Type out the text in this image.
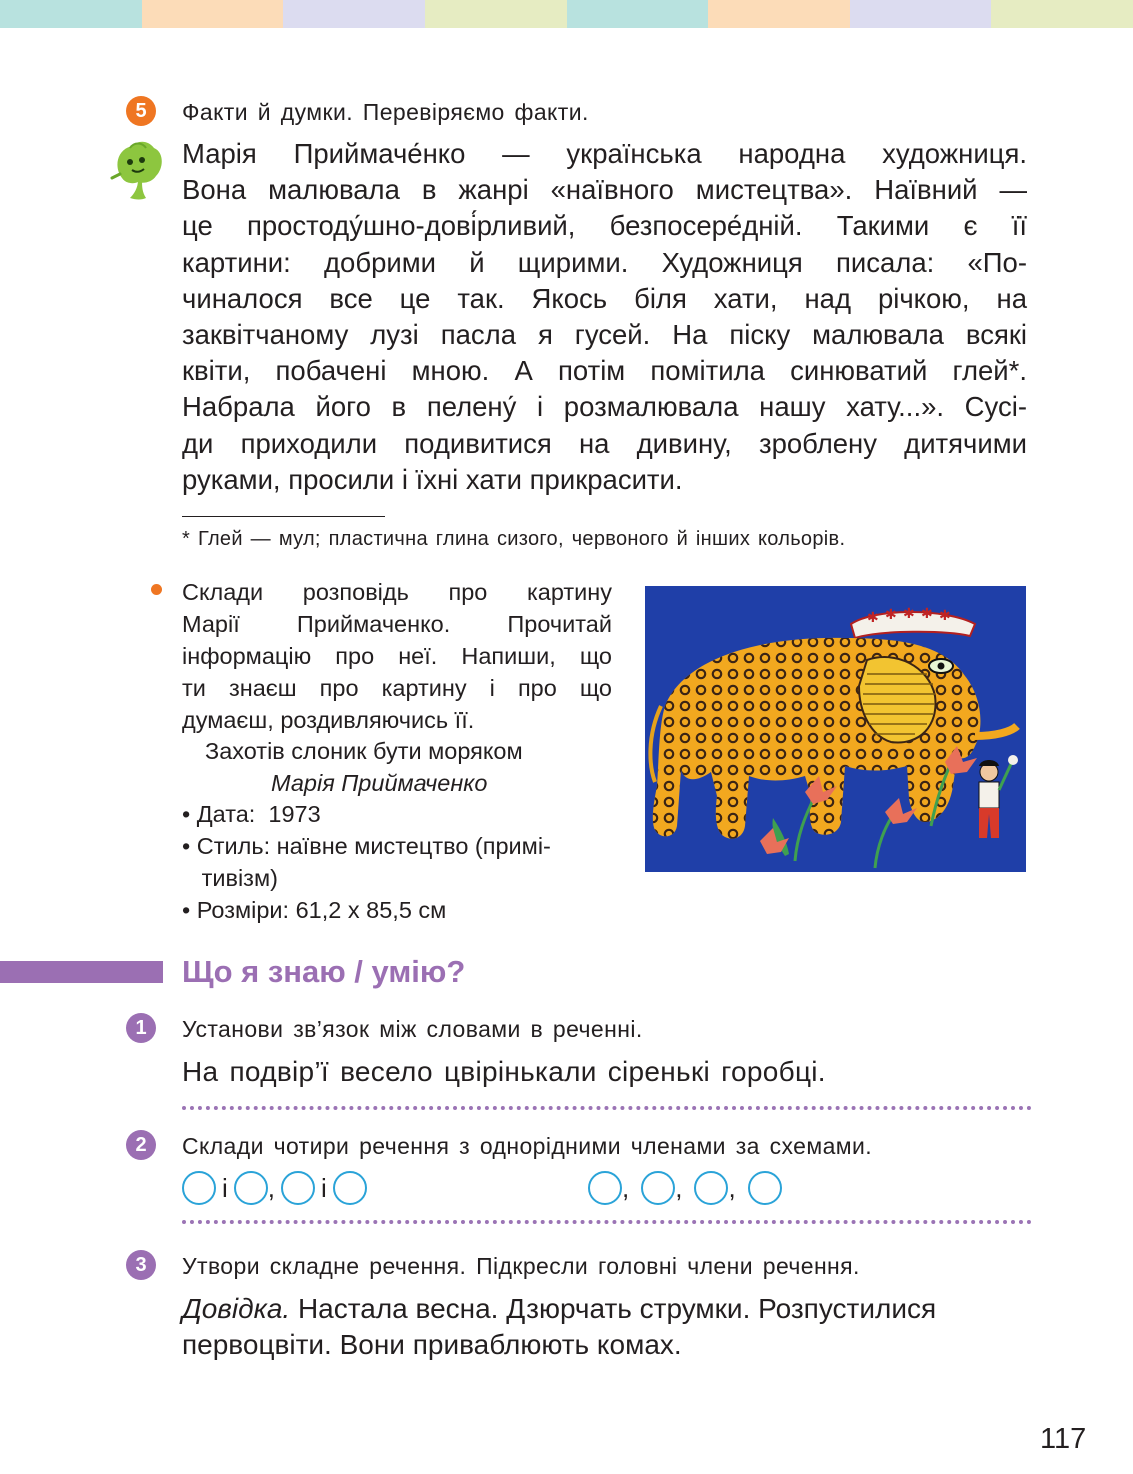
5	Факти й думки. Перевіряємо факти.

Марія Приймаче́нко — українська народна художниця.

Вона малювала в жанрі «наївного мистецтва». Наївний —

це простоду́шно-дові́рливий, безпосере́дній. Такими є її

картини: добрими й щирими. Художниця писала: «По-

чиналося все це так. Якось біля хати, над річкою, на

заквітчаному лузі пасла я гусей. На піску малювала всякі

квіти, побачені мною. А потім помітила синюватий глей*.

Набрала його в пелену́ і розмалювала нашу хату...». Сусі-

ди приходили подивитися на дивину, зроблену дитячими

руками, просили і їхні хати прикрасити.

* Глей — мул; пластична глина сизого, червоного й інших кольорів.
Склади розповідь про картину
Марії Приймаченко. Прочитай
інформацію про неї. Напиши, що
ти знаєш про картину і про що
думаєш, роздивляючись її.
Захотів слоник бути моряком
Марія Приймаченко
• Дата:  1973
• Стиль: наївне мистецтво (примі-
тивізм)
• Розміри: 61,2 х 85,5 см
✱ ✱ ✱ ✱ ✱
Що я знаю / умію?
1	Установи зв’язок між словами в реченні.
На подвір’ї весело цвірінькали сіренькі горобці.
2	Склади чотири речення з однорідними членами за схемами.
і , і	, , ,
3	Утвори складне речення. Підкресли головні члени речення.
Довідка. Настала весна. Дзюрчать струмки. Розпустилися
первоцвіти. Вони приваблюють комах.
117
